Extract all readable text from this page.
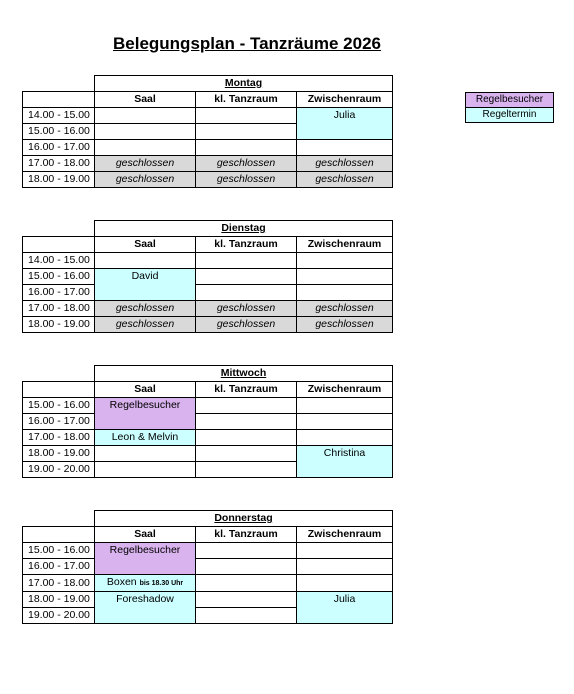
Belegungsplan - Tanzräume 2026
	Montag		
	Saal	kl. Tanzraum	Zwischenraum
14.00 - 15.00			Julia
15.00 - 16.00			
16.00 - 17.00			
17.00 - 18.00	geschlossen	geschlossen	geschlossen
18.00 - 19.00	geschlossen	geschlossen	geschlossen
	Dienstag		
	Saal	kl. Tanzraum	Zwischenraum
14.00 - 15.00			
15.00 - 16.00	David		
16.00 - 17.00			
17.00 - 18.00	geschlossen	geschlossen	geschlossen
18.00 - 19.00	geschlossen	geschlossen	geschlossen
	Mittwoch		
	Saal	kl. Tanzraum	Zwischenraum
15.00 - 16.00	Regelbesucher		
16.00 - 17.00			
17.00 - 18.00	Leon & Melvin		
18.00 - 19.00			Christina
19.00 - 20.00			
	Donnerstag		
	Saal	kl. Tanzraum	Zwischenraum
15.00 - 16.00	Regelbesucher		
16.00 - 17.00			
17.00 - 18.00	Boxen bis 18.30 Uhr		
18.00 - 19.00	Foreshadow		Julia
19.00 - 20.00			
Regelbesucher
Regeltermin
